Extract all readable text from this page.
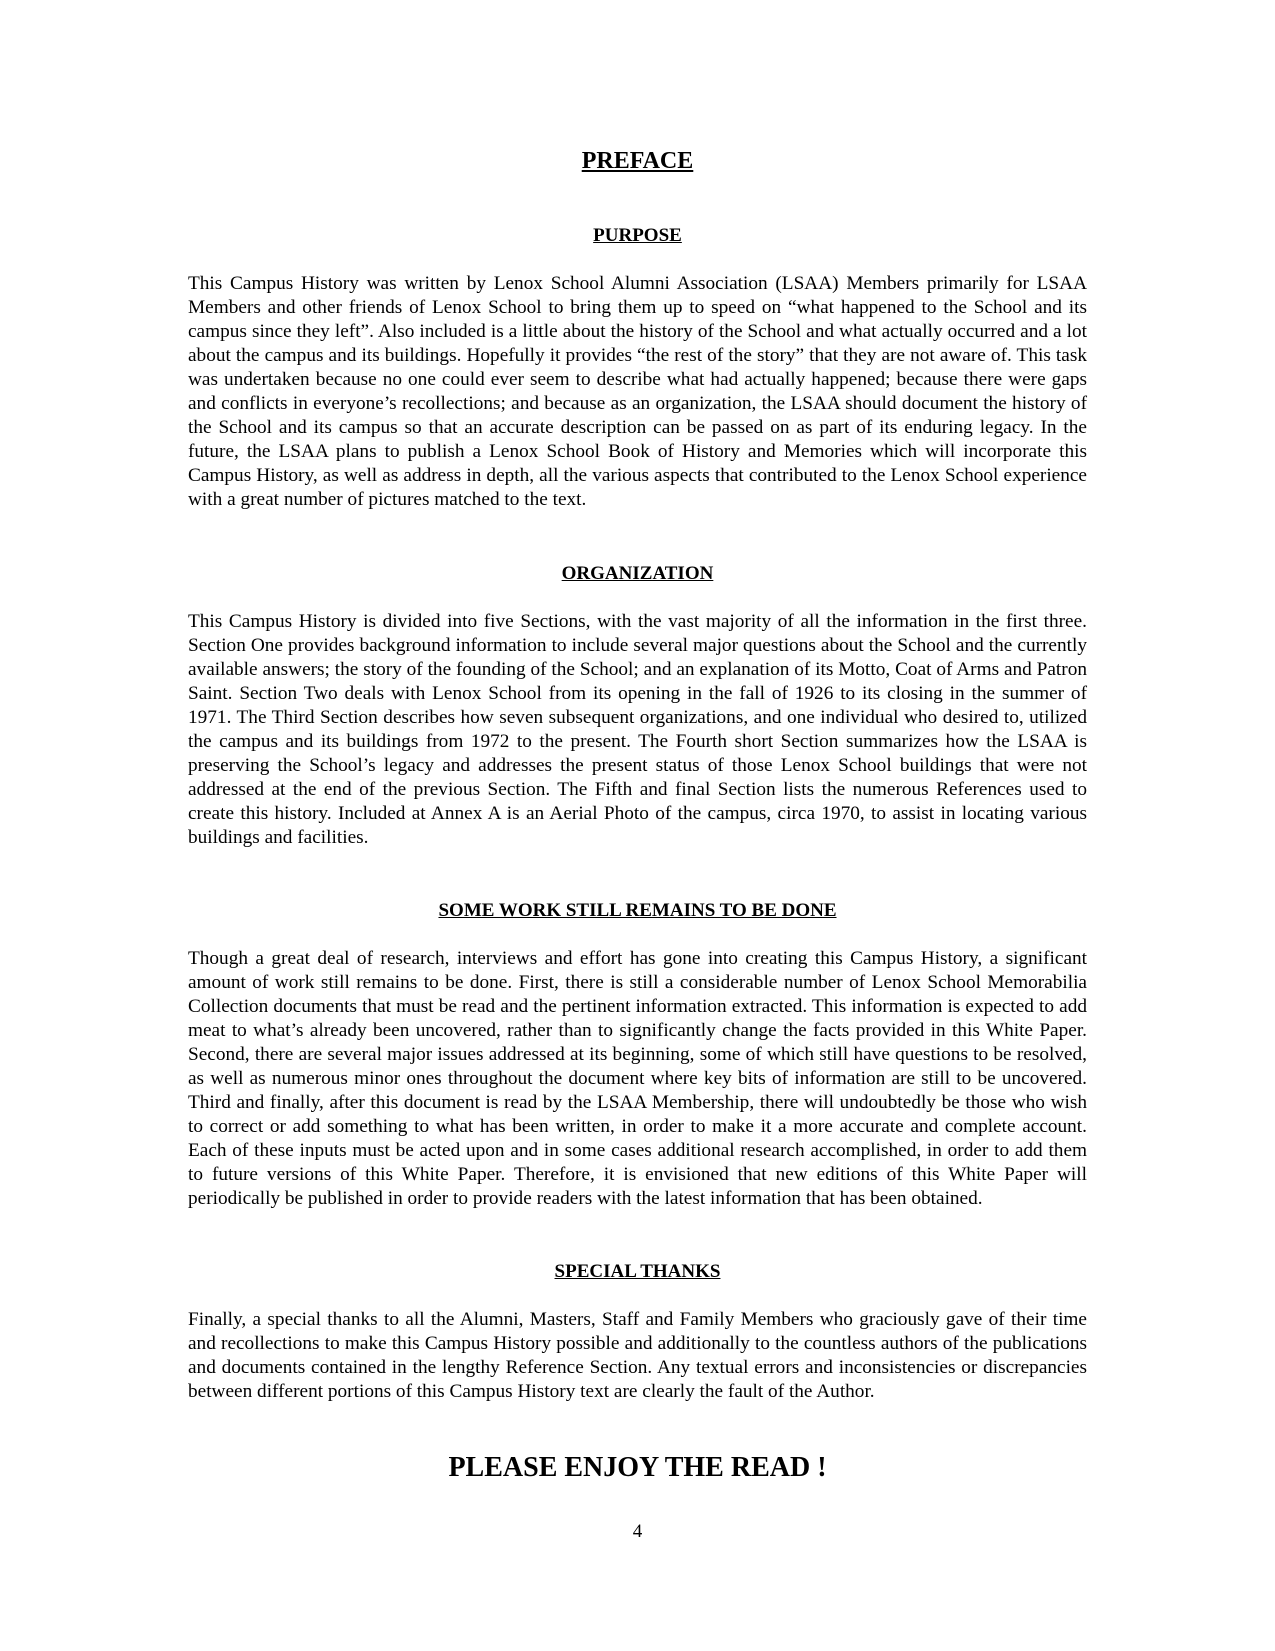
PREFACE
PURPOSE

This Campus History was written by Lenox School Alumni Association (LSAA) Members primarily for LSAA Members and other friends of Lenox School to bring them up to speed on “what happened to the School and its campus since they left”. Also included is a little about the history of the School and what actually occurred and a lot about the campus and its buildings. Hopefully it provides “the rest of the story” that they are not aware of. This task was undertaken because no one could ever seem to describe what had actually happened; because there were gaps and conflicts in everyone’s recollections; and because as an organization, the LSAA should document the history of the School and its campus so that an accurate description can be passed on as part of its enduring legacy. In the future, the LSAA plans to publish a Lenox School Book of History and Memories which will incorporate this Campus History, as well as address in depth, all the various aspects that contributed to the Lenox School experience with a great number of pictures matched to the text.

ORGANIZATION

This Campus History is divided into five Sections, with the vast majority of all the information in the first three. Section One provides background information to include several major questions about the School and the currently available answers; the story of the founding of the School; and an explanation of its Motto, Coat of Arms and Patron Saint. Section Two deals with Lenox School from its opening in the fall of 1926 to its closing in the summer of 1971. The Third Section describes how seven subsequent organizations, and one individual who desired to, utilized the campus and its buildings from 1972 to the present. The Fourth short Section summarizes how the LSAA is preserving the School’s legacy and addresses the present status of those Lenox School buildings that were not addressed at the end of the previous Section. The Fifth and final Section lists the numerous References used to create this history. Included at Annex A is an Aerial Photo of the campus, circa 1970, to assist in locating various buildings and facilities.

SOME WORK STILL REMAINS TO BE DONE

Though a great deal of research, interviews and effort has gone into creating this Campus History, a significant amount of work still remains to be done. First, there is still a considerable number of Lenox School Memorabilia Collection documents that must be read and the pertinent information extracted. This information is expected to add meat to what’s already been uncovered, rather than to significantly change the facts provided in this White Paper. Second, there are several major issues addressed at its beginning, some of which still have questions to be resolved, as well as numerous minor ones throughout the document where key bits of information are still to be uncovered. Third and finally, after this document is read by the LSAA Membership, there will undoubtedly be those who wish to correct or add something to what has been written, in order to make it a more accurate and complete account. Each of these inputs must be acted upon and in some cases additional research accomplished, in order to add them to future versions of this White Paper. Therefore, it is envisioned that new editions of this White Paper will periodically be published in order to provide readers with the latest information that has been obtained.

SPECIAL THANKS

Finally, a special thanks to all the Alumni, Masters, Staff and Family Members who graciously gave of their time and recollections to make this Campus History possible and additionally to the countless authors of the publications and documents contained in the lengthy Reference Section. Any textual errors and inconsistencies or discrepancies between different portions of this Campus History text are clearly the fault of the Author.

PLEASE ENJOY THE READ !

4
